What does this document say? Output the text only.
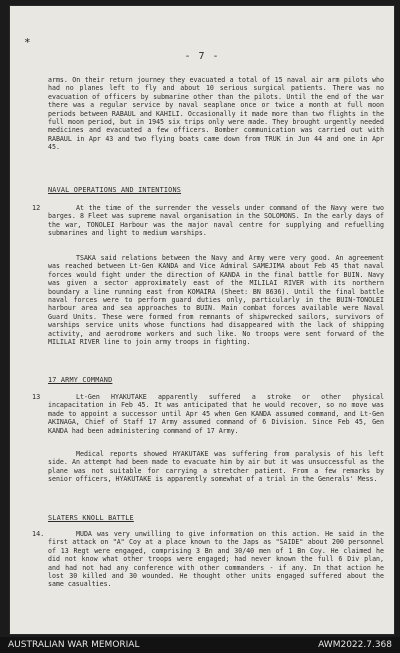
*
- 7 -

arms. On their return journey they evacuated a total of 15 naval air arm pilots who had no planes left to fly and about 10 serious surgical patients. There was no evacuation of officers by submarine other than the pilots. Until the end of the war there was a regular service by naval seaplane once or twice a month at full moon periods between RABAUL and KAHILI. Occasionally it made more than two flights in the full moon period, but in 1945 six trips only were made. They brought urgently needed medicines and evacuated a few officers. Bomber communication was carried out with RABAUL in Apr 43 and two flying boats came down from TRUK in Jun 44 and one in Apr 45.

NAVAL OPERATIONS AND INTENTIONS
12	At the time of the surrender the vessels under command of the Navy were two barges. 8 Fleet was supreme naval organisation in the SOLOMONS. In the early days of the war, TONOLEI Harbour was the major naval centre for supplying and refuelling submarines and light to medium warships.

TSAKA said relations between the Navy and Army were very good. An agreement was reached between Lt-Gen KANDA and Vice Admiral SAMEJIMA about Feb 45 that naval forces would fight under the direction of KANDA in the final battle for BUIN. Navy was given a sector approximately east of the MILILAI RIVER with its northern boundary a line running east from KOMAIRA (Sheet: BN 8636). Until the final battle naval forces were to perform guard duties only, particularly in the BUIN-TONOLEI harbour area and sea approaches to BUIN. Main combat forces available were Naval Guard Units. These were formed from remnants of shipwrecked sailors, survivors of warships service units whose functions had disappeared with the lack of shipping activity, and aerodrome workers and such like. No troops were sent forward of the MILILAI RIVER line to join army troops in fighting.

17 ARMY COMMAND
13	Lt-Gen HYAKUTAKE apparently suffered a stroke or other physical incapacitation in Feb 45. It was anticipated that he would recover, so no move was made to appoint a successor until Apr 45 when Gen KANDA assumed command, and Lt-Gen AKINAGA, Chief of Staff 17 Army assumed command of 6 Division. Since Feb 45, Gen KANDA had been administering command of 17 Army.

Medical reports showed HYAKUTAKE was suffering from paralysis of his left side. An attempt had been made to evacuate him by air but it was unsuccessful as the plane was not suitable for carrying a stretcher patient. From a few remarks by senior officers, HYAKUTAKE is apparently somewhat of a trial in the Generals' Mess.

SLATERS KNOLL BATTLE
14.	MUDA was very unwilling to give information on this action. He said in the first attack on "A" Coy at a place known to the Japs as "SAIDE" about 200 personnel of 13 Regt were engaged, comprising 3 Bn and 30/40 men of 1 Bn Coy. He claimed he did not know what other troops were engaged; had never known the full 6 Div plan, and had not had any conference with other commanders - if any. In that action he lost 30 killed and 30 wounded. He thought other units engaged suffered about the same casualties.

AUSTRALIAN WAR MEMORIAL	AWM2022.7.368
